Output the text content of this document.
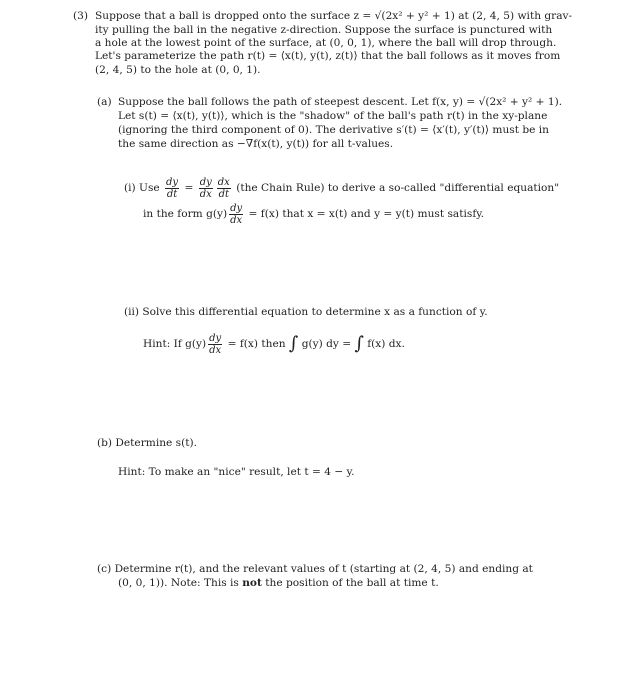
(3) Suppose that a ball is dropped onto the surface z = √(2x² + y² + 1) at (2, 4, 5) with grav-
ity pulling the ball in the negative z-direction. Suppose the surface is punctured with
a hole at the lowest point of the surface, at (0, 0, 1), where the ball will drop through.
Let's parameterize the path r(t) = ⟨x(t), y(t), z(t)⟩ that the ball follows as it moves from
(2, 4, 5) to the hole at (0, 0, 1).
(a) Suppose the ball follows the path of steepest descent. Let f(x, y) = √(2x² + y² + 1).
Let s(t) = ⟨x(t), y(t)⟩, which is the "shadow" of the ball's path r(t) in the xy-plane
(ignoring the third component of 0). The derivative s′(t) = ⟨x′(t), y′(t)⟩ must be in
the same direction as −∇f(x(t), y(t)) for all t-values.
(i) Use $\frac{dy}{dt} = \frac{dy}{dx} \frac{dx}{dt} (the$ Chain Rule) to derive a so-called "differential equation"
in the form $g(y) \frac{dy}{dx} = f(x)$ that x = x(t) and y = y(t) must satisfy.
(ii) Solve this differential equation to determine x as a function of y.
Hint: If $g(y) \frac{dy}{dx} = f(x)$ then ∫ g(y) dy = ∫ f(x) dx.
(b) Determine s(t).
Hint: To make an "nice" result, let t = 4 − y.
(c) Determine r(t), and the relevant values of t (starting at (2, 4, 5) and ending at
(0, 0, 1)). Note: This is not the position of the ball at time t.
